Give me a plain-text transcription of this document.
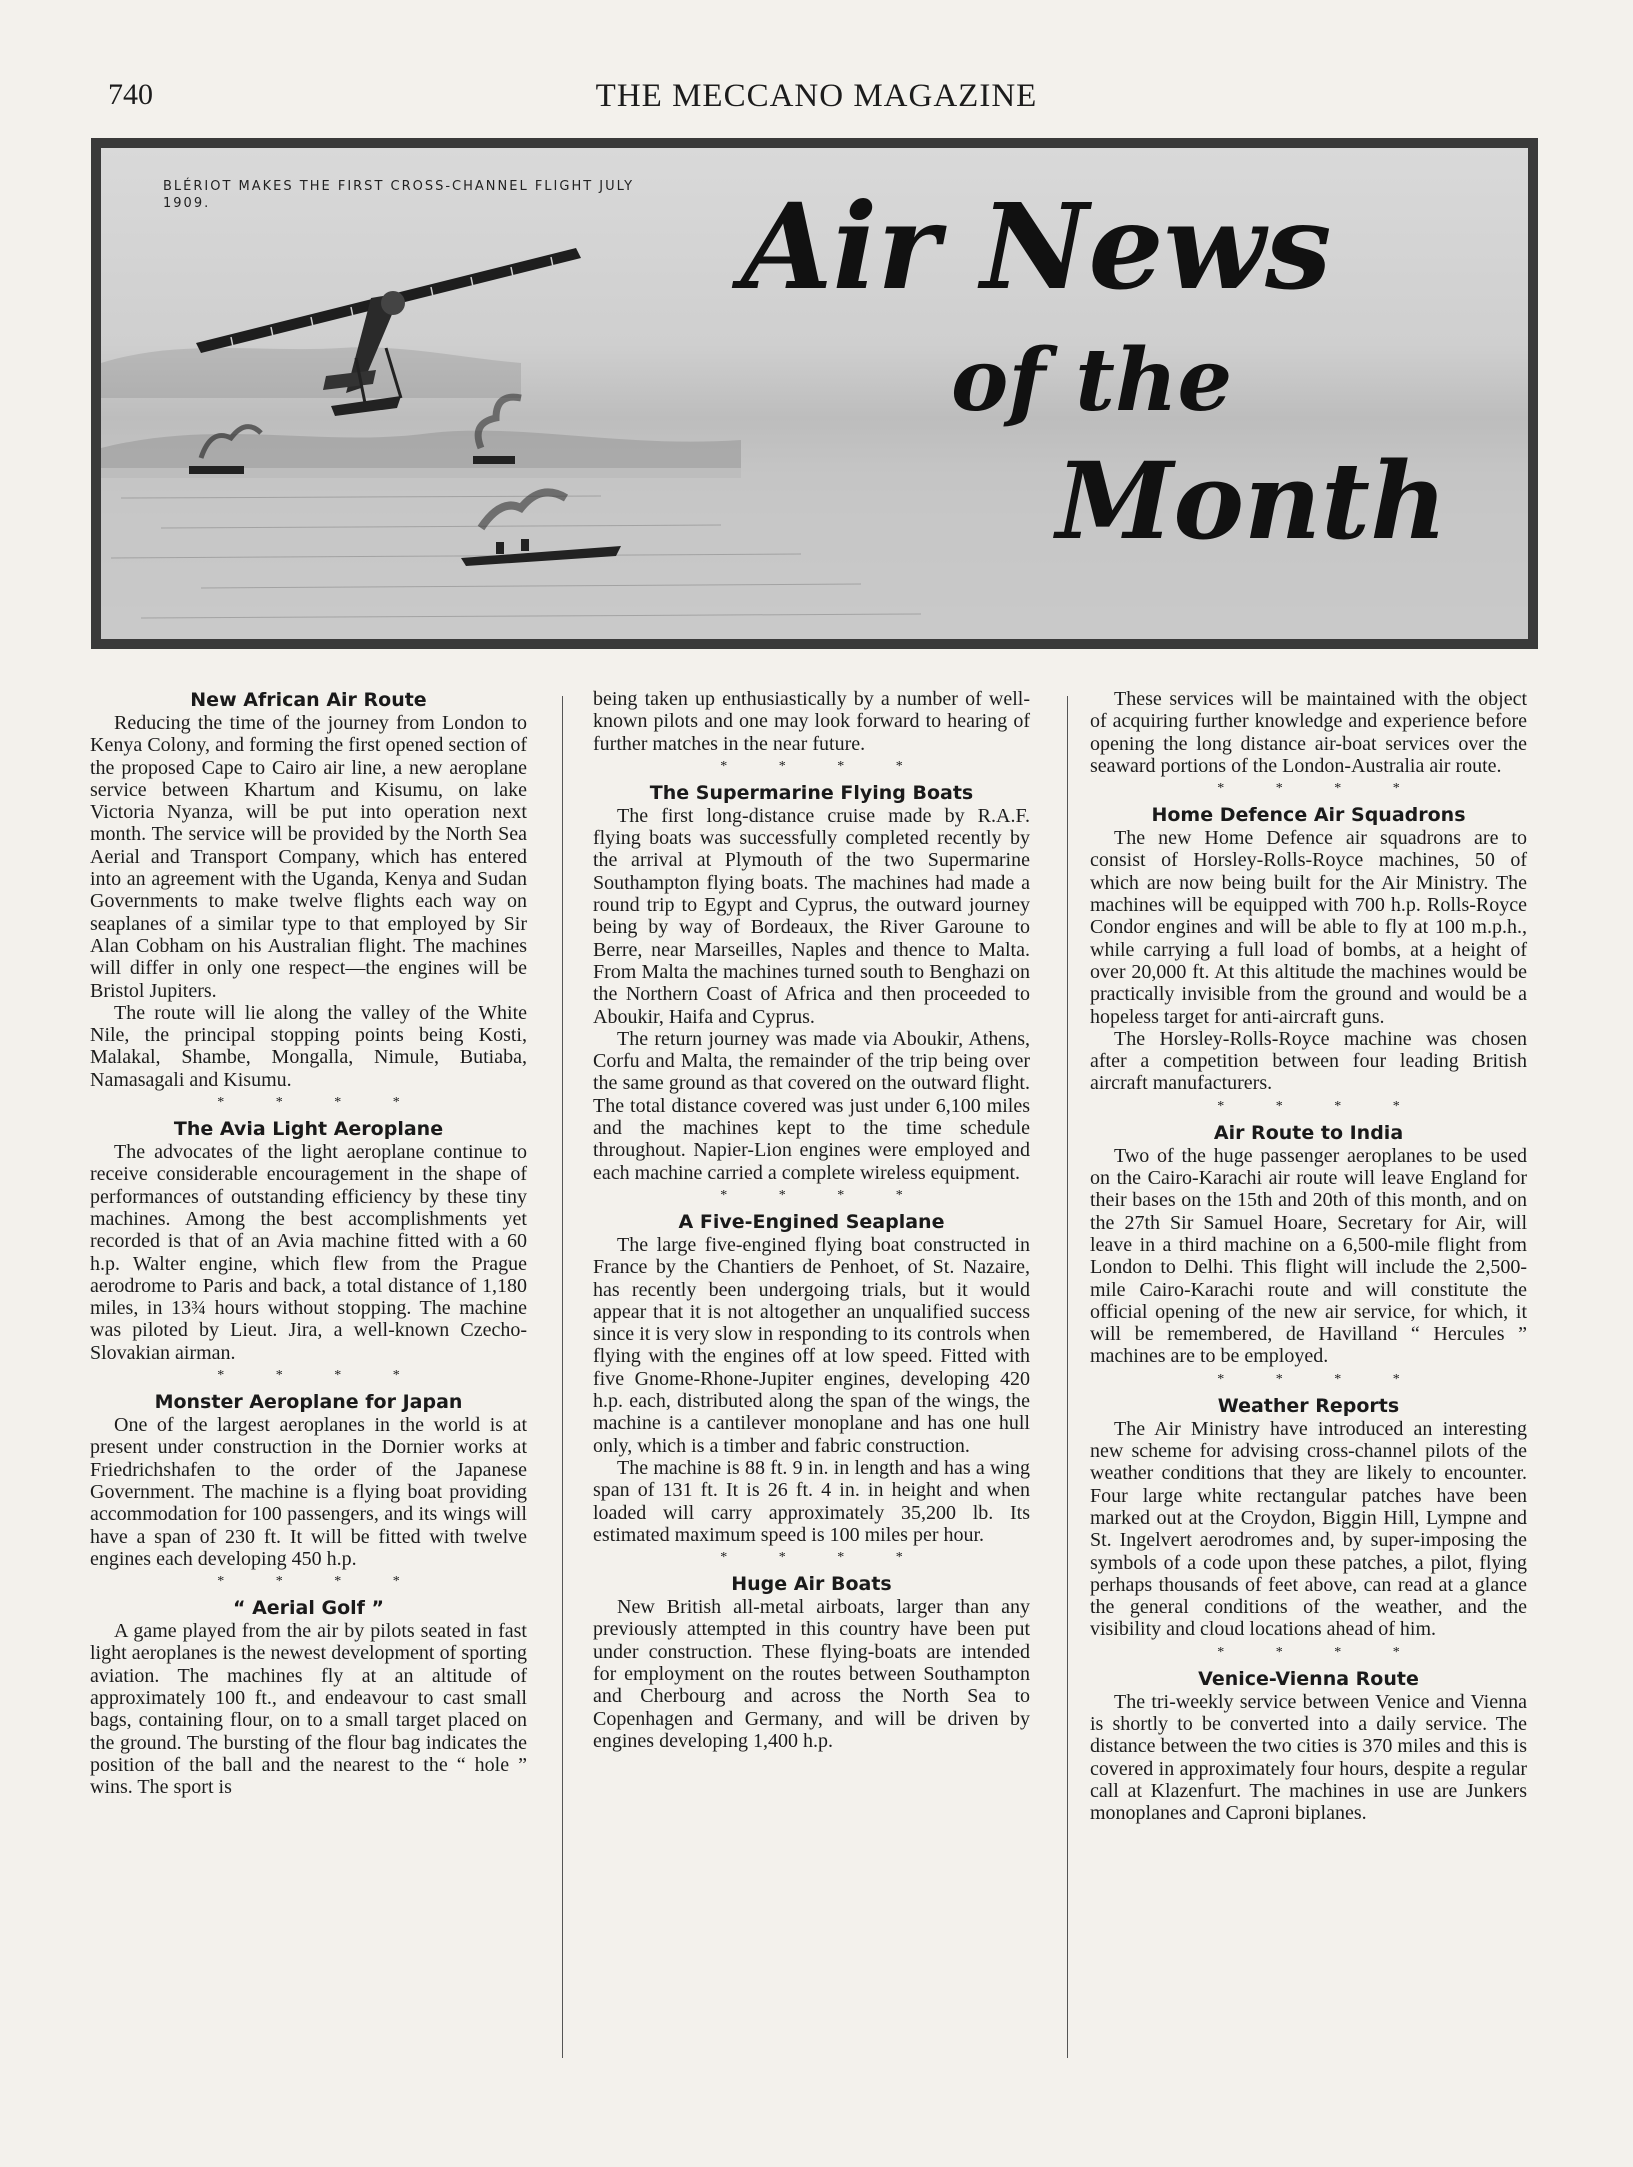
740	THE MECCANO MAGAZINE
BLÉRIOT MAKES THE FIRST CROSS-CHANNEL FLIGHT JULY 1909.	Air News
of the
Month
New African Air Route

Reducing the time of the journey from London to Kenya Colony, and forming the first opened section of the proposed Cape to Cairo air line, a new aeroplane service between Khartum and Kisumu, on lake Victoria Nyanza, will be put into operation next month. The service will be provided by the North Sea Aerial and Transport Company, which has entered into an agreement with the Uganda, Kenya and Sudan Governments to make twelve flights each way on seaplanes of a similar type to that employed by Sir Alan Cobham on his Australian flight. The machines will differ in only one respect—the engines will be Bristol Jupiters.

The route will lie along the valley of the White Nile, the principal stopping points being Kosti, Malakal, Shambe, Mongalla, Nimule, Butiaba, Namasagali and Kisumu.

* * * *
The Avia Light Aeroplane

The advocates of the light aeroplane continue to receive considerable encouragement in the shape of performances of outstanding efficiency by these tiny machines. Among the best accomplishments yet recorded is that of an Avia machine fitted with a 60 h.p. Walter engine, which flew from the Prague aerodrome to Paris and back, a total distance of 1,180 miles, in 13¾ hours without stopping. The machine was piloted by Lieut. Jira, a well-known Czecho-Slovakian airman.

* * * *
Monster Aeroplane for Japan

One of the largest aeroplanes in the world is at present under construction in the Dornier works at Friedrichshafen to the order of the Japanese Government. The machine is a flying boat providing accommodation for 100 passengers, and its wings will have a span of 230 ft. It will be fitted with twelve engines each developing 450 h.p.

* * * *
“ Aerial Golf ”

A game played from the air by pilots seated in fast light aeroplanes is the newest development of sporting aviation. The machines fly at an altitude of approximately 100 ft., and endeavour to cast small bags, containing flour, on to a small target placed on the ground. The bursting of the flour bag indicates the position of the ball and the nearest to the “ hole ” wins. The sport is

being taken up enthusiastically by a number of well-known pilots and one may look forward to hearing of further matches in the near future.

* * * *
The Supermarine Flying Boats

The first long-distance cruise made by R.A.F. flying boats was successfully completed recently by the arrival at Plymouth of the two Supermarine Southampton flying boats. The machines had made a round trip to Egypt and Cyprus, the outward journey being by way of Bordeaux, the River Garoune to Berre, near Marseilles, Naples and thence to Malta. From Malta the machines turned south to Benghazi on the Northern Coast of Africa and then proceeded to Aboukir, Haifa and Cyprus.

The return journey was made via Aboukir, Athens, Corfu and Malta, the remainder of the trip being over the same ground as that covered on the outward flight. The total distance covered was just under 6,100 miles and the machines kept to the time schedule throughout. Napier-Lion engines were employed and each machine carried a complete wireless equipment.

* * * *
A Five-Engined Seaplane

The large five-engined flying boat constructed in France by the Chantiers de Penhoet, of St. Nazaire, has recently been undergoing trials, but it would appear that it is not altogether an unqualified success since it is very slow in responding to its controls when flying with the engines off at low speed. Fitted with five Gnome-Rhone-Jupiter engines, developing 420 h.p. each, distributed along the span of the wings, the machine is a cantilever monoplane and has one hull only, which is a timber and fabric construction.

The machine is 88 ft. 9 in. in length and has a wing span of 131 ft. It is 26 ft. 4 in. in height and when loaded will carry approximately 35,200 lb. Its estimated maximum speed is 100 miles per hour.

* * * *
Huge Air Boats

New British all-metal airboats, larger than any previously attempted in this country have been put under construction. These flying-boats are intended for employment on the routes between Southampton and Cherbourg and across the North Sea to Copenhagen and Germany, and will be driven by engines developing 1,400 h.p.

These services will be maintained with the object of acquiring further knowledge and experience before opening the long distance air-boat services over the seaward portions of the London-Australia air route.

* * * *
Home Defence Air Squadrons

The new Home Defence air squadrons are to consist of Horsley-Rolls-Royce machines, 50 of which are now being built for the Air Ministry. The machines will be equipped with 700 h.p. Rolls-Royce Condor engines and will be able to fly at 100 m.p.h., while carrying a full load of bombs, at a height of over 20,000 ft. At this altitude the machines would be practically invisible from the ground and would be a hopeless target for anti-aircraft guns.

The Horsley-Rolls-Royce machine was chosen after a competition between four leading British aircraft manufacturers.

* * * *
Air Route to India

Two of the huge passenger aeroplanes to be used on the Cairo-Karachi air route will leave England for their bases on the 15th and 20th of this month, and on the 27th Sir Samuel Hoare, Secretary for Air, will leave in a third machine on a 6,500-mile flight from London to Delhi. This flight will include the 2,500-mile Cairo-Karachi route and will constitute the official opening of the new air service, for which, it will be remembered, de Havilland “ Hercules ” machines are to be employed.

* * * *
Weather Reports

The Air Ministry have introduced an interesting new scheme for advising cross-channel pilots of the weather conditions that they are likely to encounter. Four large white rectangular patches have been marked out at the Croydon, Biggin Hill, Lympne and St. Ingelvert aerodromes and, by super-imposing the symbols of a code upon these patches, a pilot, flying perhaps thousands of feet above, can read at a glance the general conditions of the weather, and the visibility and cloud locations ahead of him.

* * * *
Venice-Vienna Route

The tri-weekly service between Venice and Vienna is shortly to be converted into a daily service. The distance between the two cities is 370 miles and this is covered in approximately four hours, despite a regular call at Klazenfurt. The machines in use are Junkers monoplanes and Caproni biplanes.
